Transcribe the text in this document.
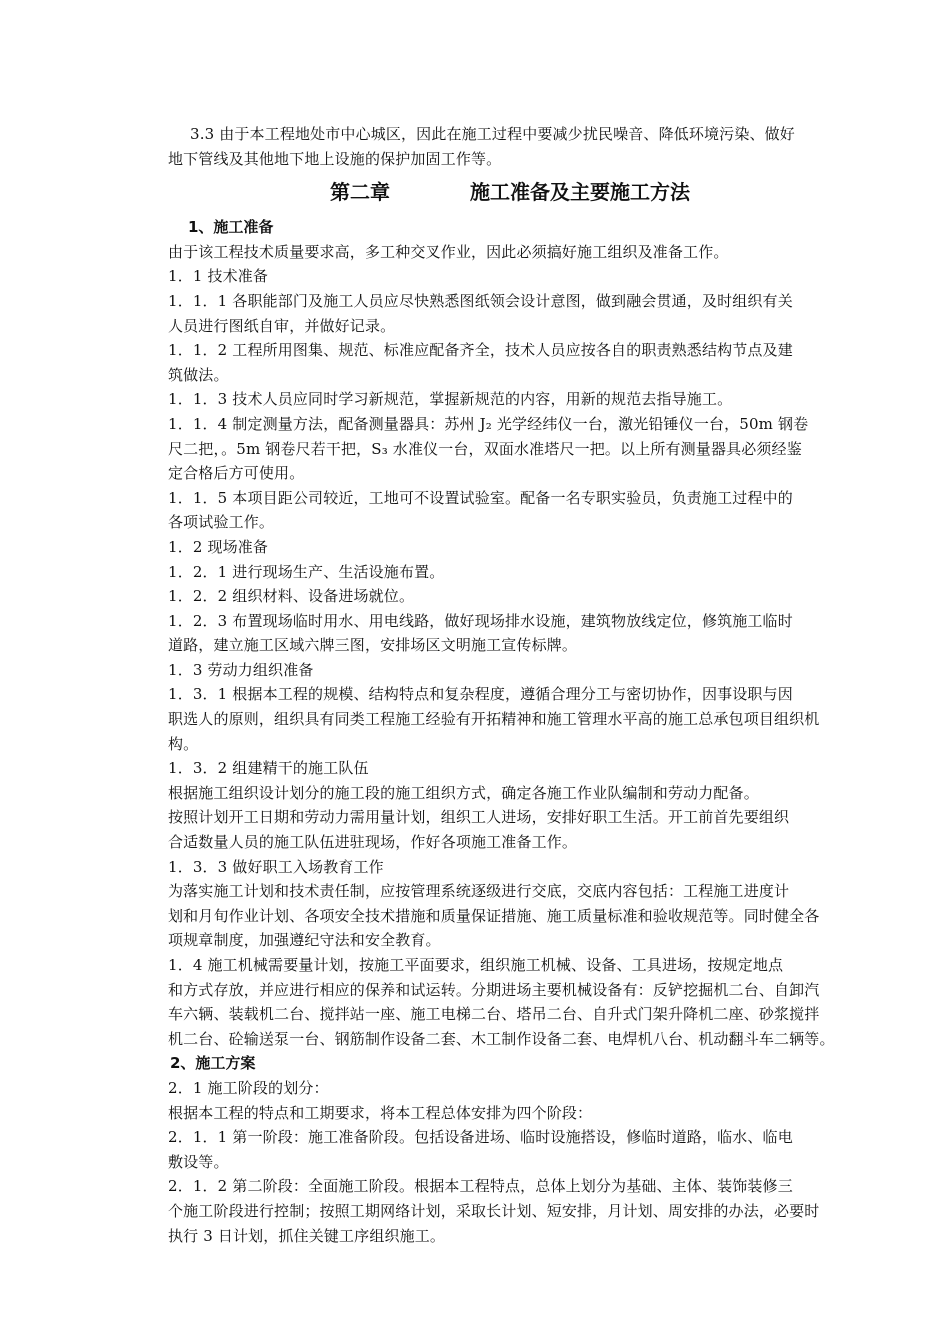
3.3 由于本工程地处市中心城区，因此在施工过程中要减少扰民噪音、降低环境污染、做好
地下管线及其他地下地上设施的保护加固工作等。
第二章	施工准备及主要施工方法
1、施工准备
由于该工程技术质量要求高，多工种交叉作业，因此必须搞好施工组织及准备工作。
1．1 技术准备
1．1．1 各职能部门及施工人员应尽快熟悉图纸领会设计意图，做到融会贯通，及时组织有关
人员进行图纸自审，并做好记录。
1．1．2 工程所用图集、规范、标准应配备齐全，技术人员应按各自的职责熟悉结构节点及建
筑做法。
1．1．3 技术人员应同时学习新规范，掌握新规范的内容，用新的规范去指导施工。
1．1．4 制定测量方法，配备测量器具：苏州 J₂ 光学经纬仪一台，激光铅锤仪一台，50m 钢卷
尺二把，。5m 钢卷尺若干把，S₃ 水准仪一台，双面水准塔尺一把。以上所有测量器具必须经鉴
定合格后方可使用。
1．1．5 本项目距公司较近，工地可不设置试验室。配备一名专职实验员，负责施工过程中的
各项试验工作。
1．2 现场准备
1．2．1 进行现场生产、生活设施布置。
1．2．2 组织材料、设备进场就位。
1．2．3 布置现场临时用水、用电线路，做好现场排水设施，建筑物放线定位，修筑施工临时
道路，建立施工区域六牌三图，安排场区文明施工宣传标牌。
1．3 劳动力组织准备
1．3．1 根据本工程的规模、结构特点和复杂程度，遵循合理分工与密切协作，因事设职与因
职选人的原则，组织具有同类工程施工经验有开拓精神和施工管理水平高的施工总承包项目组织机
构。
1．3．2 组建精干的施工队伍
根据施工组织设计划分的施工段的施工组织方式，确定各施工作业队编制和劳动力配备。
按照计划开工日期和劳动力需用量计划，组织工人进场，安排好职工生活。开工前首先要组织
合适数量人员的施工队伍进驻现场，作好各项施工准备工作。
1．3．3 做好职工入场教育工作
为落实施工计划和技术责任制，应按管理系统逐级进行交底，交底内容包括：工程施工进度计
划和月旬作业计划、各项安全技术措施和质量保证措施、施工质量标准和验收规范等。同时健全各
项规章制度，加强遵纪守法和安全教育。
1．4 施工机械需要量计划，按施工平面要求，组织施工机械、设备、工具进场，按规定地点
和方式存放，并应进行相应的保养和试运转。分期进场主要机械设备有：反铲挖掘机二台、自卸汽
车六辆、装载机二台、搅拌站一座、施工电梯二台、塔吊二台、自升式门架升降机二座、砂浆搅拌
机二台、砼输送泵一台、钢筋制作设备二套、木工制作设备二套、电焊机八台、机动翻斗车二辆等。
2、施工方案
2．1 施工阶段的划分：
根据本工程的特点和工期要求，将本工程总体安排为四个阶段：
2．1．1 第一阶段：施工准备阶段。包括设备进场、临时设施搭设，修临时道路，临水、临电
敷设等。
2．1．2 第二阶段：全面施工阶段。根据本工程特点，总体上划分为基础、主体、装饰装修三
个施工阶段进行控制；按照工期网络计划，采取长计划、短安排，月计划、周安排的办法，必要时
执行 3 日计划，抓住关键工序组织施工。
